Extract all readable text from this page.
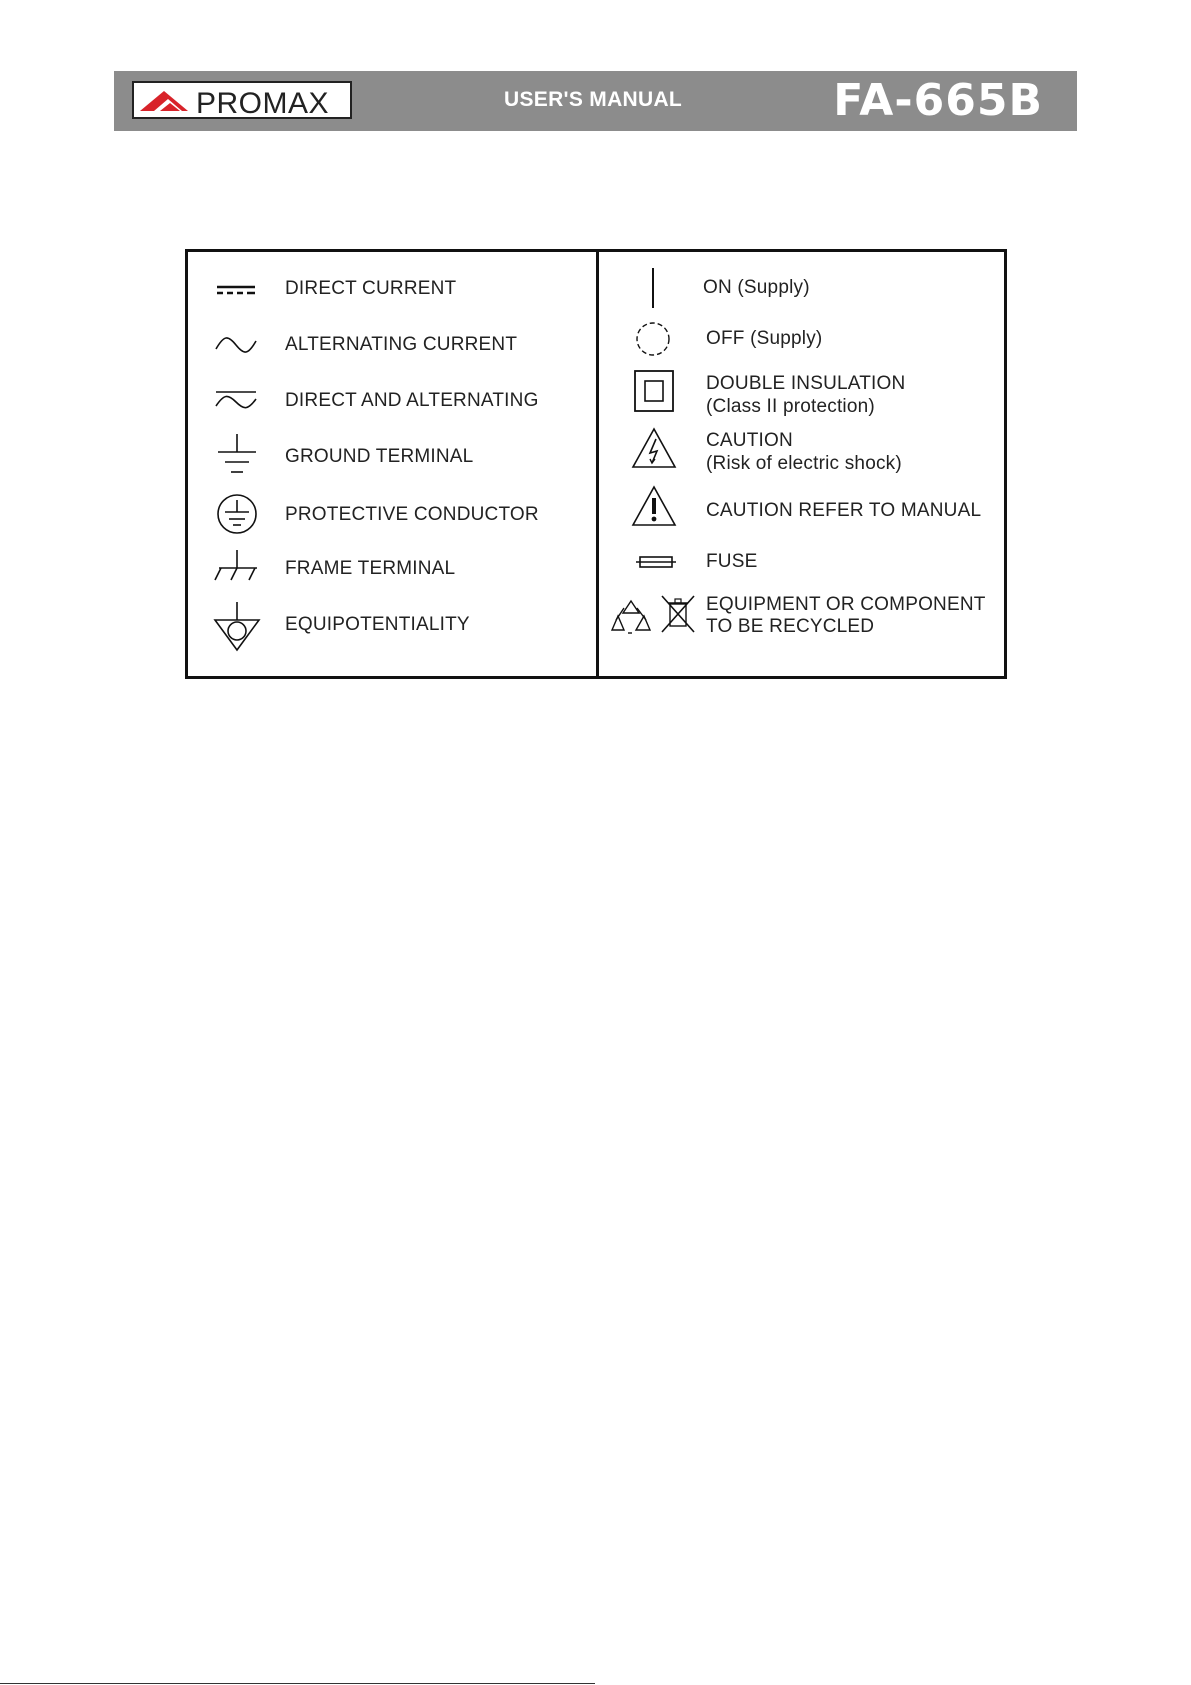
PROMAX	USER'S MANUAL	FA-665B
DIRECT CURRENT
ALTERNATING CURRENT
DIRECT AND ALTERNATING
GROUND TERMINAL
PROTECTIVE CONDUCTOR
FRAME TERMINAL
EQUIPOTENTIALITY
ON (Supply)
OFF (Supply)
DOUBLE INSULATION
(Class II protection)
CAUTION
(Risk of electric shock)
CAUTION REFER TO MANUAL
FUSE
EQUIPMENT OR COMPONENT
TO BE RECYCLED
